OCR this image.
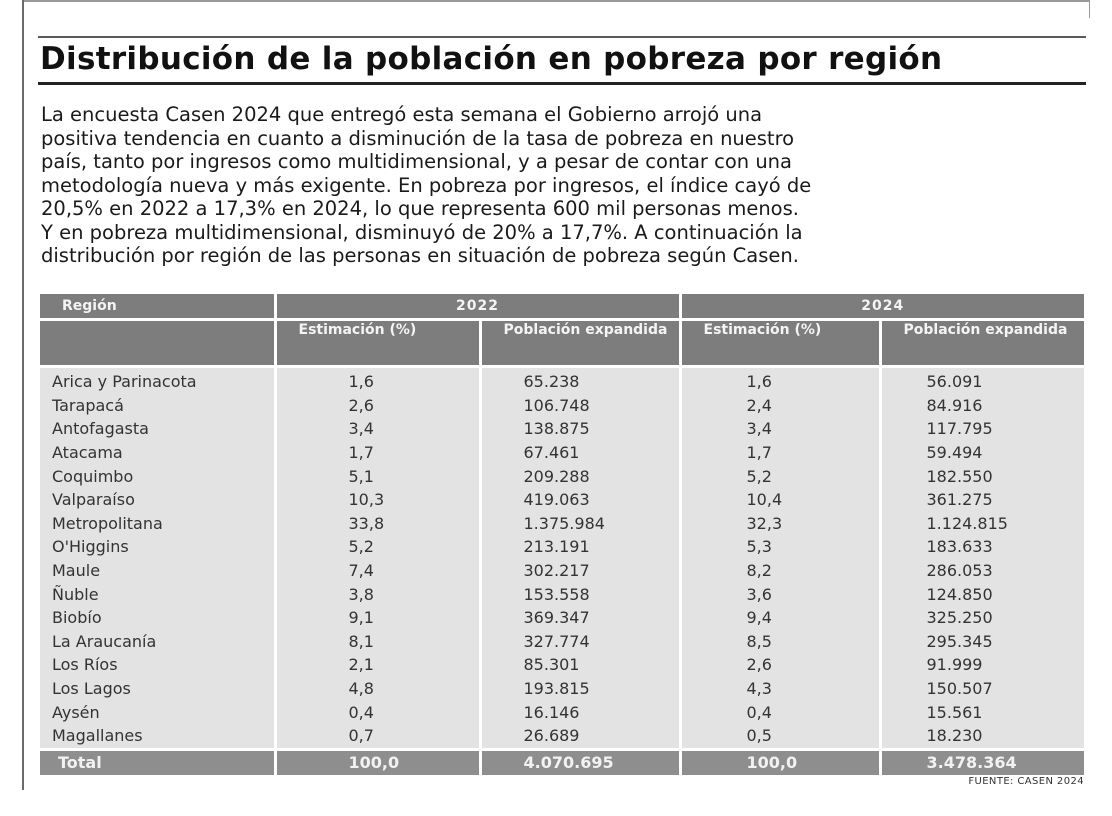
Distribución de la población en pobreza por región
La encuesta Casen 2024 que entregó esta semana el Gobierno arrojó una
positiva tendencia en cuanto a disminución de la tasa de pobreza en nuestro
país, tanto por ingresos como multidimensional, y a pesar de contar con una
metodología nueva y más exigente. En pobreza por ingresos, el índice cayó de
20,5% en 2022 a 17,3% en 2024, lo que representa 600 mil personas menos.
Y en pobreza multidimensional, disminuyó de 20% a 17,7%. A continuación la
distribución por región de las personas en situación de pobreza según Casen.
Región	2022		2024	
	Estimación (%)	Población expandida	Estimación (%)	Población expandida
Arica y Parinacota	1,6	65.238	1,6	56.091
Tarapacá	2,6	106.748	2,4	84.916
Antofagasta	3,4	138.875	3,4	117.795
Atacama	1,7	67.461	1,7	59.494
Coquimbo	5,1	209.288	5,2	182.550
Valparaíso	10,3	419.063	10,4	361.275
Metropolitana	33,8	1.375.984	32,3	1.124.815
O'Higgins	5,2	213.191	5,3	183.633
Maule	7,4	302.217	8,2	286.053
Ñuble	3,8	153.558	3,6	124.850
Biobío	9,1	369.347	9,4	325.250
La Araucanía	8,1	327.774	8,5	295.345
Los Ríos	2,1	85.301	2,6	91.999
Los Lagos	4,8	193.815	4,3	150.507
Aysén	0,4	16.146	0,4	15.561
Magallanes	0,7	26.689	0,5	18.230
Total	100,0	4.070.695	100,0	3.478.364
FUENTE: CASEN 2024
